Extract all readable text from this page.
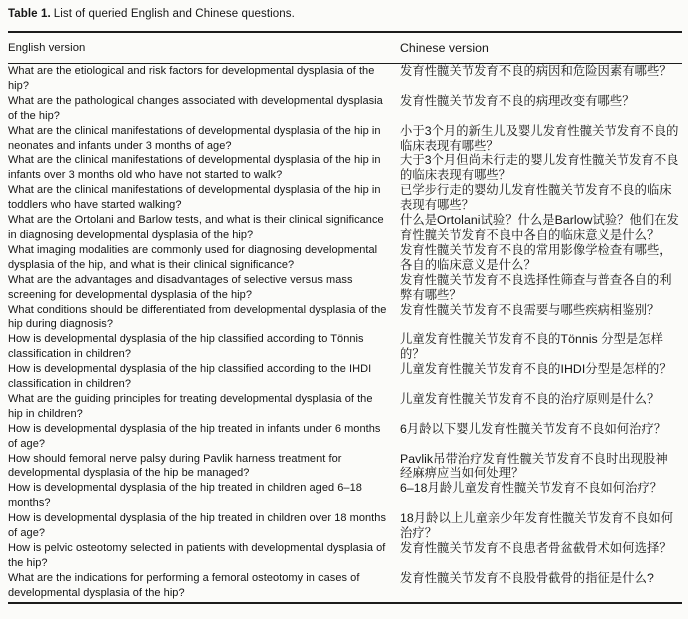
Table 1. List of queried English and Chinese questions.
English version	Chinese version
What are the etiological and risk factors for developmental dysplasia of the hip?
发育性髋关节发育不良的病因和危险因素有哪些？
What are the pathological changes associated with developmental dysplasia of the hip?
发育性髋关节发育不良的病理改变有哪些？
What are the clinical manifestations of developmental dysplasia of the hip in neonates and infants under 3 months of age?
小于3个月的新生儿及婴儿发育性髋关节发育不良的临床表现有哪些？
What are the clinical manifestations of developmental dysplasia of the hip in infants over 3 months old who have not started to walk?
大于3个月但尚未行走的婴儿发育性髋关节发育不良的临床表现有哪些？
What are the clinical manifestations of developmental dysplasia of the hip in toddlers who have started walking?
已学步行走的婴幼儿发育性髋关节发育不良的临床表现有哪些？
What are the Ortolani and Barlow tests, and what is their clinical significance in diagnosing developmental dysplasia of the hip?
什么是Ortolani试验？什么是Barlow试验？他们在发育性髋关节发育不良中各自的临床意义是什么？
What imaging modalities are commonly used for diagnosing developmental dysplasia of the hip, and what is their clinical significance?
发育性髋关节发育不良的常用影像学检查有哪些，各自的临床意义是什么？
What are the advantages and disadvantages of selective versus mass screening for developmental dysplasia of the hip?
发育性髋关节发育不良选择性筛查与普查各自的利弊有哪些？
What conditions should be differentiated from developmental dysplasia of the hip during diagnosis?
发育性髋关节发育不良需要与哪些疾病相鉴别？
How is developmental dysplasia of the hip classified according to Tönnis classification in children?
儿童发育性髋关节发育不良的Tönnis 分型是怎样的？
How is developmental dysplasia of the hip classified according to the IHDI classification in children?
儿童发育性髋关节发育不良的IHDI分型是怎样的？
What are the guiding principles for treating developmental dysplasia of the hip in children?
儿童发育性髋关节发育不良的治疗原则是什么？
How is developmental dysplasia of the hip treated in infants under 6 months of age?
6月龄以下婴儿发育性髋关节发育不良如何治疗？
How should femoral nerve palsy during Pavlik harness treatment for developmental dysplasia of the hip be managed?
Pavlik吊带治疗发育性髋关节发育不良时出现股神经麻痹应当如何处理？
How is developmental dysplasia of the hip treated in children aged 6–18 months?
6–18月龄儿童发育性髋关节发育不良如何治疗？
How is developmental dysplasia of the hip treated in children over 18 months of age?
18月龄以上儿童亲少年发育性髋关节发育不良如何治疗？
How is pelvic osteotomy selected in patients with developmental dysplasia of the hip?
发育性髋关节发育不良患者骨盆截骨术如何选择？
What are the indications for performing a femoral osteotomy in cases of developmental dysplasia of the hip?
发育性髋关节发育不良股骨截骨的指征是什么?
